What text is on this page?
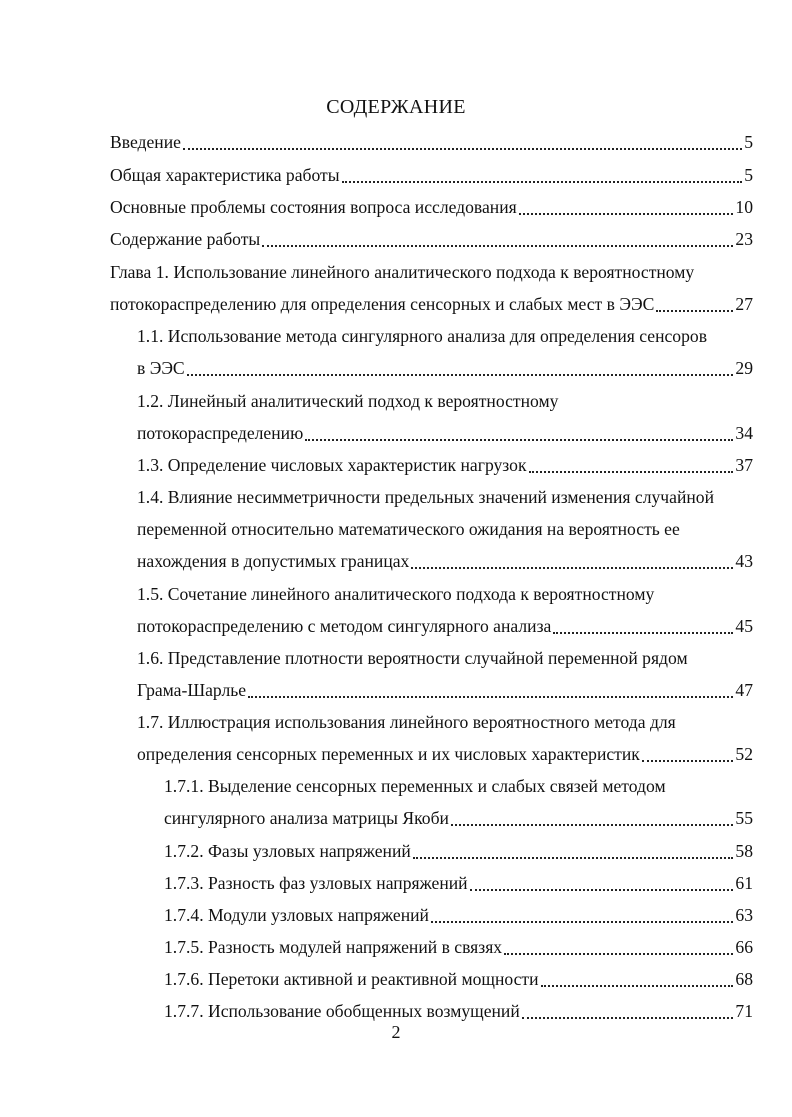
СОДЕРЖАНИЕ
Введение	5
Общая характеристика работы	5
Основные проблемы состояния вопроса исследования	10
Содержание работы	23
Глава 1. Использование линейного аналитического подхода к вероятностному
потокораспределению для определения сенсорных и слабых мест в ЭЭС	27
1.1. Использование метода сингулярного анализа для определения сенсоров
в ЭЭС	29
1.2. Линейный аналитический подход к вероятностному
потокораспределению	34
1.3. Определение числовых характеристик нагрузок	37
1.4. Влияние несимметричности предельных значений изменения случайной
переменной относительно математического ожидания на вероятность ее
нахождения в допустимых границах	43
1.5. Сочетание линейного аналитического подхода к вероятностному
потокораспределению с методом сингулярного анализа	45
1.6. Представление плотности вероятности случайной переменной рядом
Грама-Шарлье	47
1.7. Иллюстрация использования линейного вероятностного метода для
определения сенсорных переменных и их числовых характеристик	52
1.7.1. Выделение сенсорных переменных и слабых связей методом
сингулярного анализа матрицы Якоби	55
1.7.2. Фазы узловых напряжений	58
1.7.3. Разность фаз узловых напряжений	61
1.7.4. Модули узловых напряжений	63
1.7.5. Разность модулей напряжений в связях	66
1.7.6. Перетоки активной и реактивной мощности	68
1.7.7. Использование обобщенных возмущений	71
2
